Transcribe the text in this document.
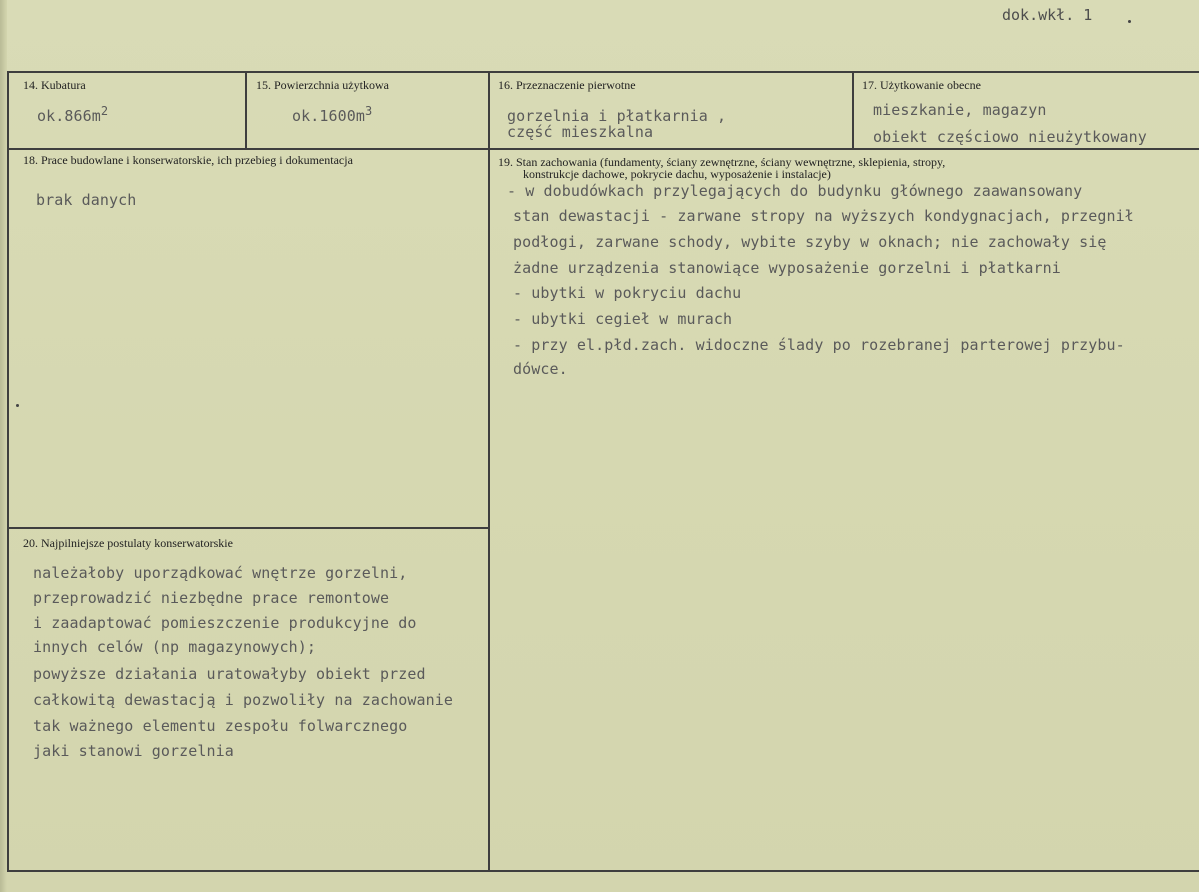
dok.wkł. 1
14. Kubatura
$ok.866m^2$
15. Powierzchnia użytkowa
$ok.1600m^3$
16. Przeznaczenie pierwotne
gorzelnia i płatkarnia ,
część mieszkalna
17. Użytkowanie obecne
mieszkanie, magazyn
obiekt częściowo nieużytkowany
18. Prace budowlane i konserwatorskie, ich przebieg i dokumentacja
brak danych
19. Stan zachowania (fundamenty, ściany zewnętrzne, ściany wewnętrzne, sklepienia, stropy,
konstrukcje dachowe, pokrycie dachu, wyposażenie i instalacje)
- w dobudówkach przylegających do budynku głównego zaawansowany
stan dewastacji - zarwane stropy na wyższych kondygnacjach, przegnił
podłogi, zarwane schody, wybite szyby w oknach; nie zachowały się
żadne urządzenia stanowiące wyposażenie gorzelni i płatkarni
- ubytki w pokryciu dachu
- ubytki cegieł w murach
- przy el.płd.zach. widoczne ślady po rozebranej parterowej przybu-
dówce.
20. Najpilniejsze postulaty konserwatorskie
należałoby uporządkować wnętrze gorzelni,
przeprowadzić niezbędne prace remontowe
i zaadaptować pomieszczenie produkcyjne do
innych celów (np magazynowych);
powyższe działania uratowałyby obiekt przed
całkowitą dewastacją i pozwoliły na zachowanie
tak ważnego elementu zespołu folwarcznego
jaki stanowi gorzelnia
